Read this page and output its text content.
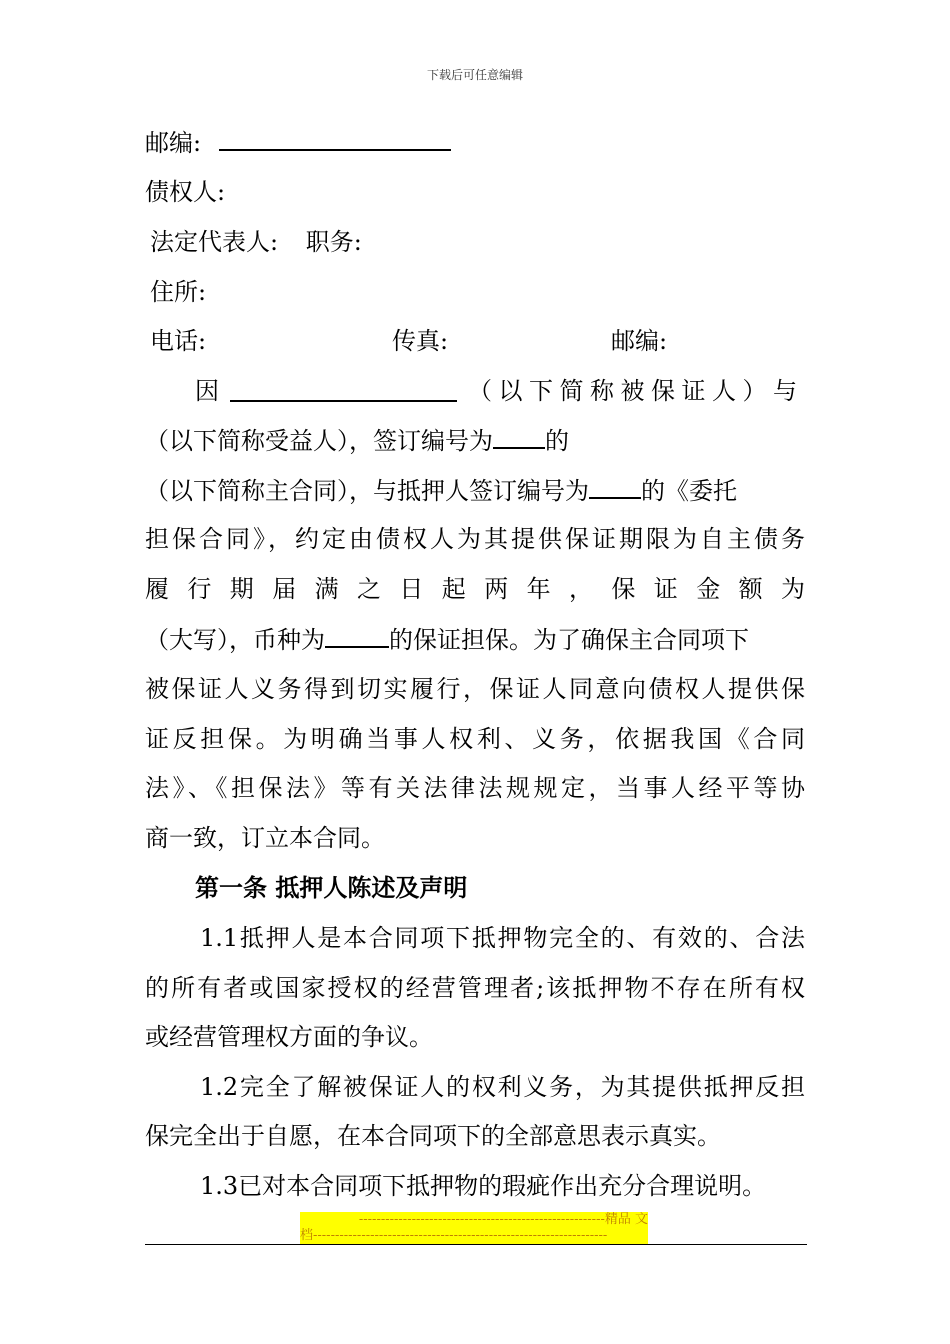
下载后可任意编辑
邮编:
债权人:
法定代表人: 职务:
住所:
电话:	传真:	邮编:
因	（以下简称被保证人）与
（以下简称受益人），签订编号为 的
（以下简称主合同），与抵押人签订编号为 的《委托
担保合同》，约定由债权人为其提供保证期限为自主债务
履行期届满之日起两年，保证金额为
（大写），币种为	的保证担保。为了确保主合同项下
被保证人义务得到切实履行，保证人同意向债权人提供保
证反担保。为明确当事人权利、义务，依据我国《合同
法》、《担保法》等有关法律法规规定，当事人经平等协
商一致，订立本合同。
第一条 抵押人陈述及声明
1.1抵押人是本合同项下抵押物完全的、有效的、合法
的所有者或国家授权的经营管理者;该抵押物不存在所有权
或经营管理权方面的争议。
1.2完全了解被保证人的权利义务，为其提供抵押反担
保完全出于自愿，在本合同项下的全部意思表示真实。
1.3已对本合同项下抵押物的瑕疵作出充分合理说明。
--------------------------------------------------------精品 文
档-------------------------------------------------------------------
